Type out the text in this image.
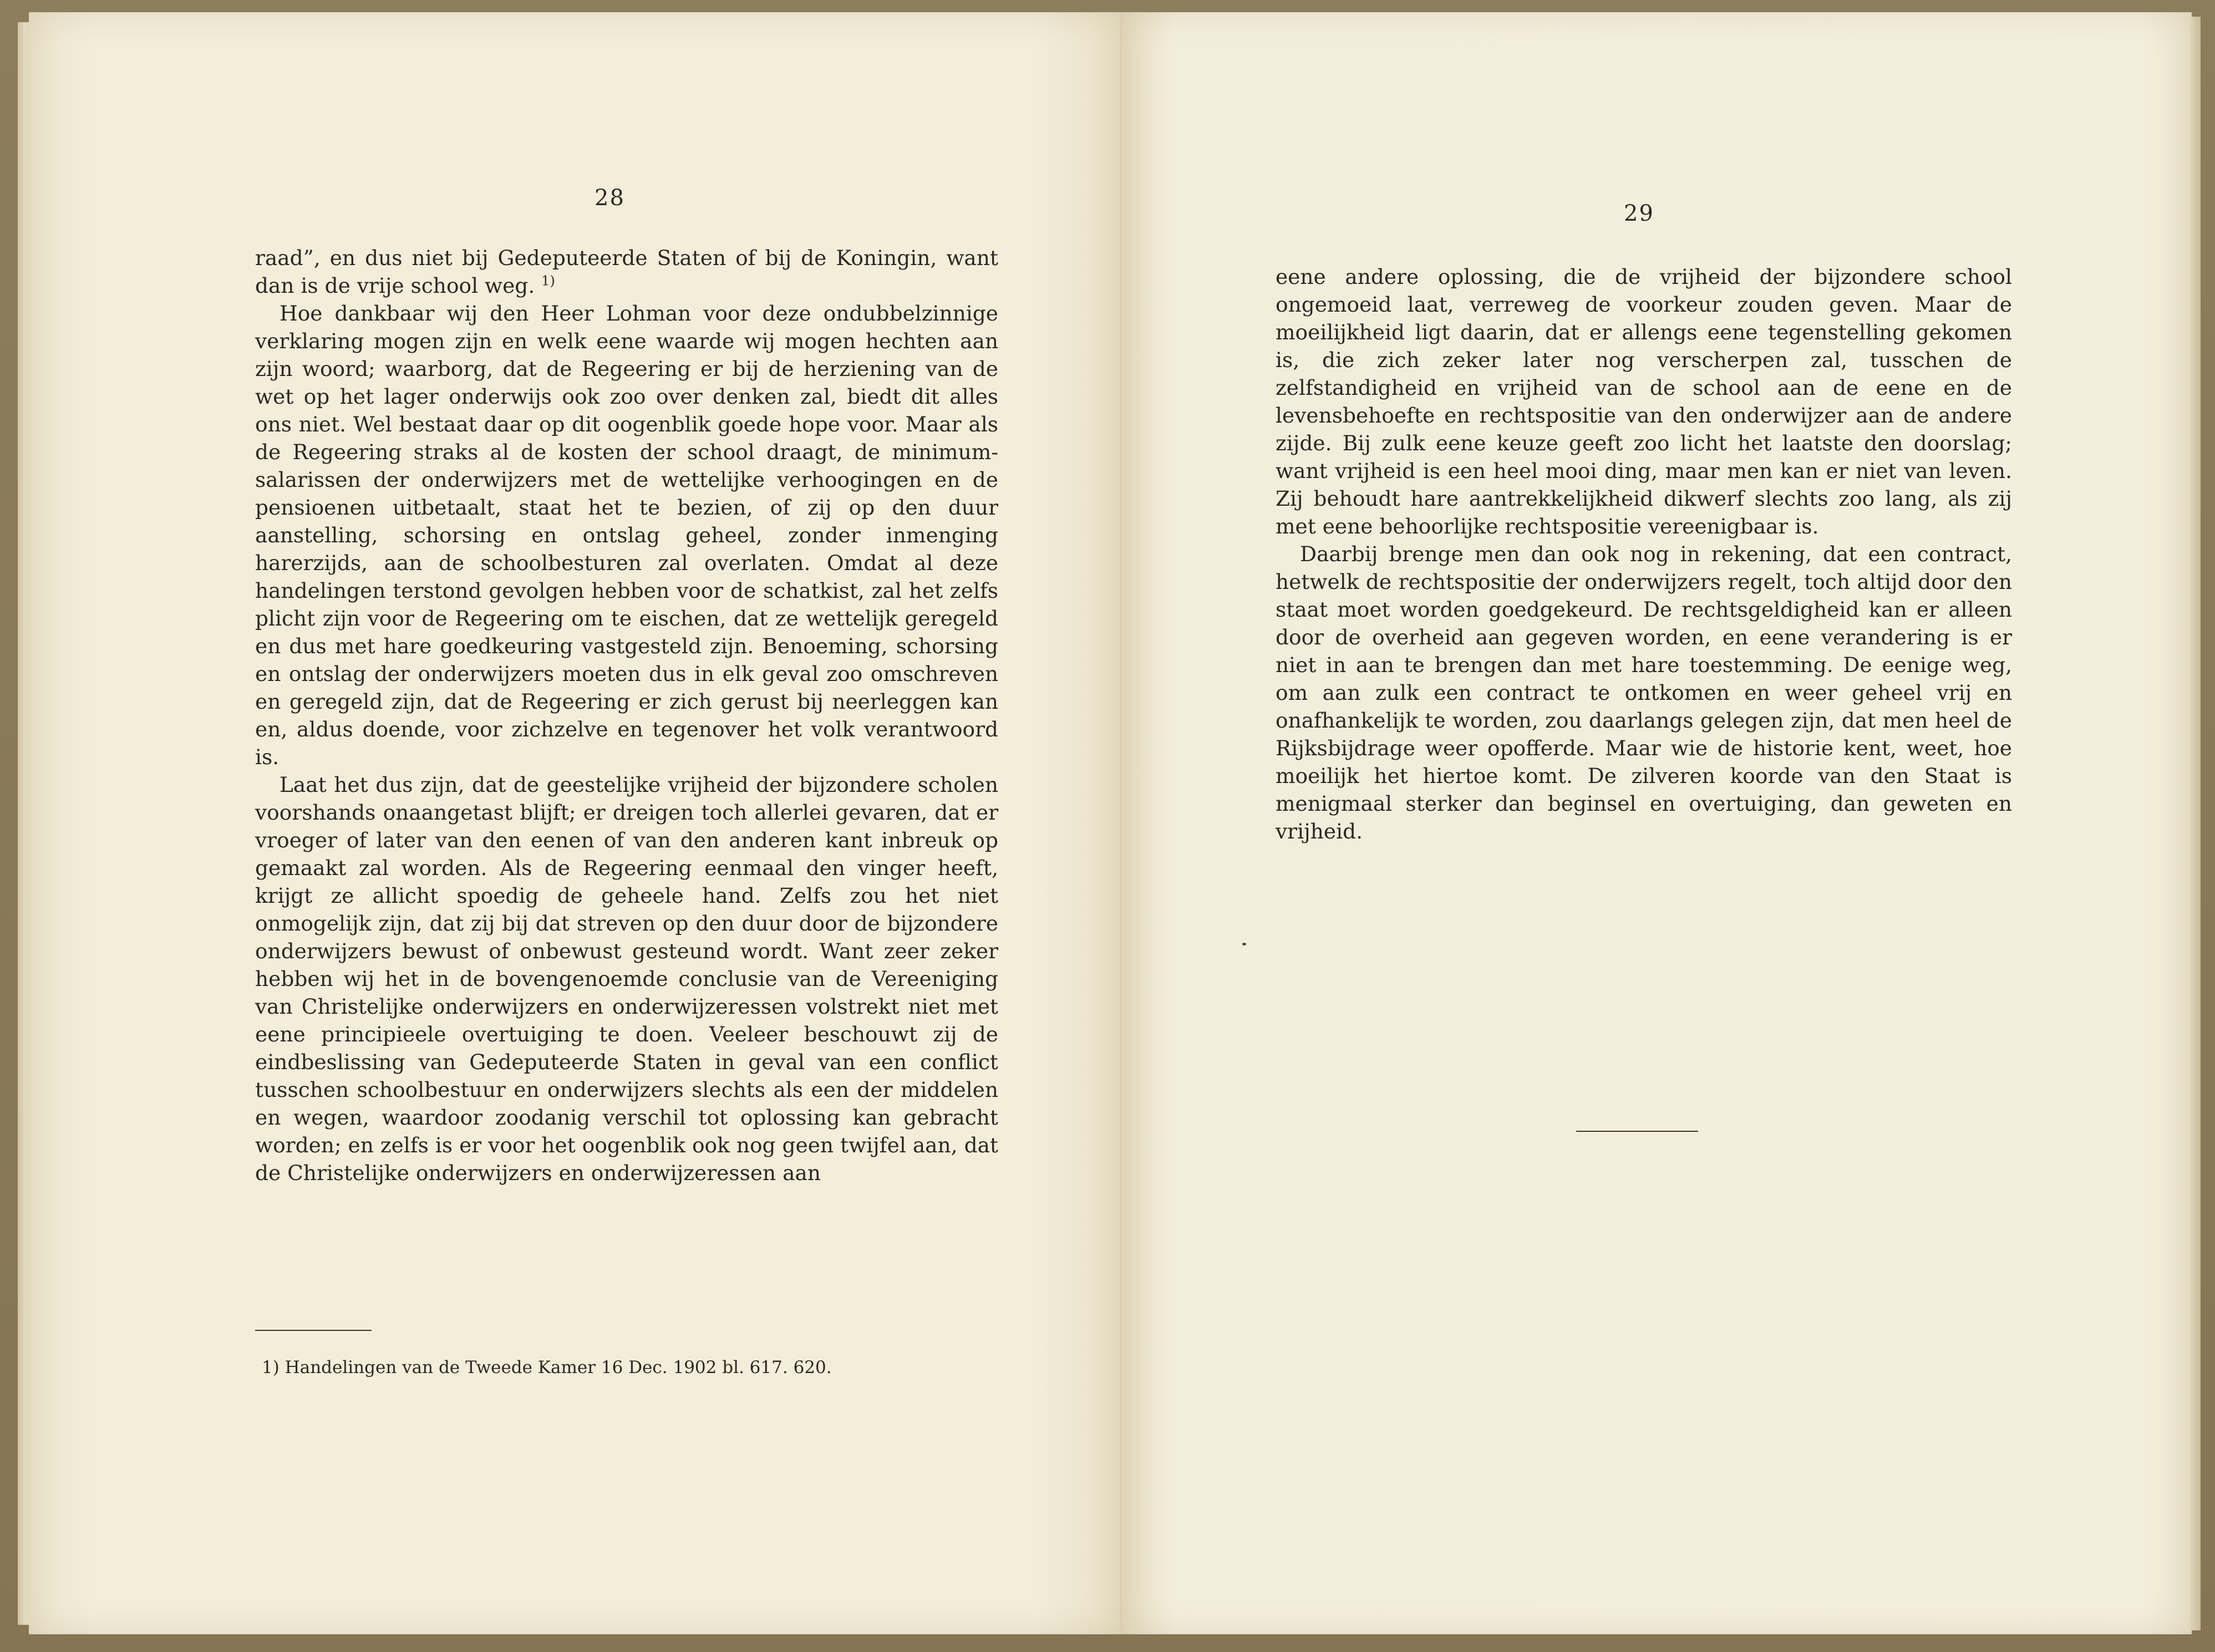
28

raad”, en dus niet bij Gedeputeerde Staten of bij de Koningin, want dan is de vrije school weg. $^{1)}$

Hoe dankbaar wij den Heer Lohman voor deze ondubbelzinnige verklaring mogen zijn en welk eene waarde wij mogen hechten aan zijn woord; waarborg, dat de Regeering er bij de herziening van de wet op het lager onderwijs ook zoo over denken zal, biedt dit alles ons niet. Wel bestaat daar op dit oogenblik goede hope voor. Maar als de Regeering straks al de kosten der school draagt, de minimum-salarissen der onderwijzers met de wettelijke verhoogingen en de pensioenen uitbetaalt, staat het te bezien, of zij op den duur aanstelling, schorsing en ontslag geheel, zonder inmenging harerzijds, aan de schoolbesturen zal overlaten. Omdat al deze handelingen terstond gevolgen hebben voor de schatkist, zal het zelfs plicht zijn voor de Regeering om te eischen, dat ze wettelijk geregeld en dus met hare goedkeuring vastgesteld zijn. Benoeming, schorsing en ontslag der onderwijzers moeten dus in elk geval zoo omschreven en geregeld zijn, dat de Regeering er zich gerust bij neerleggen kan en, aldus doende, voor zichzelve en tegenover het volk verantwoord is.

Laat het dus zijn, dat de geestelijke vrijheid der bijzondere scholen voorshands onaangetast blijft; er dreigen toch allerlei gevaren, dat er vroeger of later van den eenen of van den anderen kant inbreuk op gemaakt zal worden. Als de Regeering eenmaal den vinger heeft, krijgt ze allicht spoedig de geheele hand. Zelfs zou het niet onmogelijk zijn, dat zij bij dat streven op den duur door de bijzondere onderwijzers bewust of onbewust gesteund wordt. Want zeer zeker hebben wij het in de bovengenoemde conclusie van de Vereeniging van Christelijke onderwijzers en onderwijzeressen volstrekt niet met eene principieele overtuiging te doen. Veeleer beschouwt zij de eindbeslissing van Gedeputeerde Staten in geval van een conflict tusschen schoolbestuur en onderwijzers slechts als een der middelen en wegen, waardoor zoodanig verschil tot oplossing kan gebracht worden; en zelfs is er voor het oogenblik ook nog geen twijfel aan, dat de Christelijke onderwijzers en onderwijzeressen aan

1) Handelingen van de Tweede Kamer 16 Dec. 1902 bl. 617. 620.
29

eene andere oplossing, die de vrijheid der bijzondere school ongemoeid laat, verreweg de voorkeur zouden geven. Maar de moeilijkheid ligt daarin, dat er allengs eene tegenstelling gekomen is, die zich zeker later nog verscherpen zal, tusschen de zelfstandigheid en vrijheid van de school aan de eene en de levensbehoefte en rechtspositie van den onderwijzer aan de andere zijde. Bij zulk eene keuze geeft zoo licht het laatste den doorslag; want vrijheid is een heel mooi ding, maar men kan er niet van leven. Zij behoudt hare aantrekkelijkheid dikwerf slechts zoo lang, als zij met eene behoorlijke rechtspositie vereenigbaar is.

Daarbij brenge men dan ook nog in rekening, dat een contract, hetwelk de rechtspositie der onderwijzers regelt, toch altijd door den staat moet worden goedgekeurd. De rechtsgeldigheid kan er alleen door de overheid aan gegeven worden, en eene verandering is er niet in aan te brengen dan met hare toestemming. De eenige weg, om aan zulk een contract te ontkomen en weer geheel vrij en onafhankelijk te worden, zou daarlangs gelegen zijn, dat men heel de Rijksbijdrage weer opofferde. Maar wie de historie kent, weet, hoe moeilijk het hiertoe komt. De zilveren koorde van den Staat is menigmaal sterker dan beginsel en overtuiging, dan geweten en vrijheid.
